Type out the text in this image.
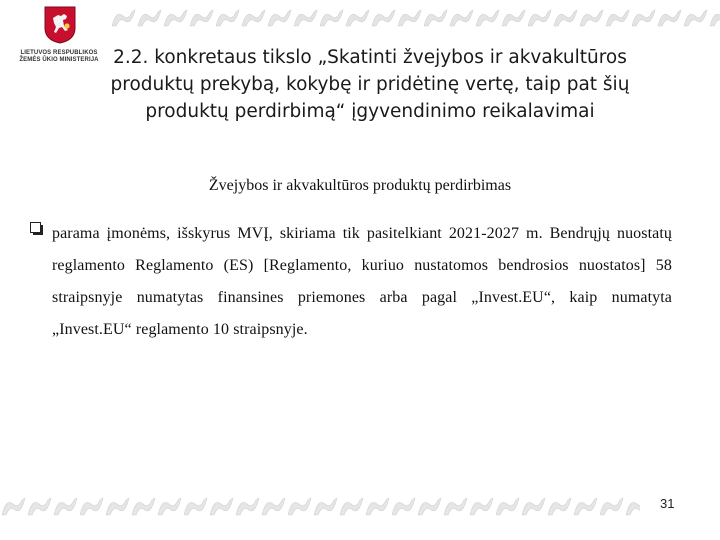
LIETUVOS RESPUBLIKOS
ŽEMĖS ŪKIO MINISTERIJA 2.2. konkretaus tikslo „Skatinti žvejybos ir akvakultūros produktų prekybą, kokybę ir pridėtinę vertę, taip pat šių produktų perdirbimą“ įgyvendinimo reikalavimai
Žvejybos ir akvakultūros produktų perdirbimas

parama įmonėms, išskyrus MVĮ, skiriama tik pasitelkiant 2021-2027 m. Bendrųjų nuostatų reglamento Reglamento (ES) [Reglamento, kuriuo nustatomos bendrosios nuostatos] 58 straipsnyje numatytas finansines priemones arba pagal „Invest.EU“, kaip numatyta „Invest.EU“ reglamento 10 straipsnyje.

31
